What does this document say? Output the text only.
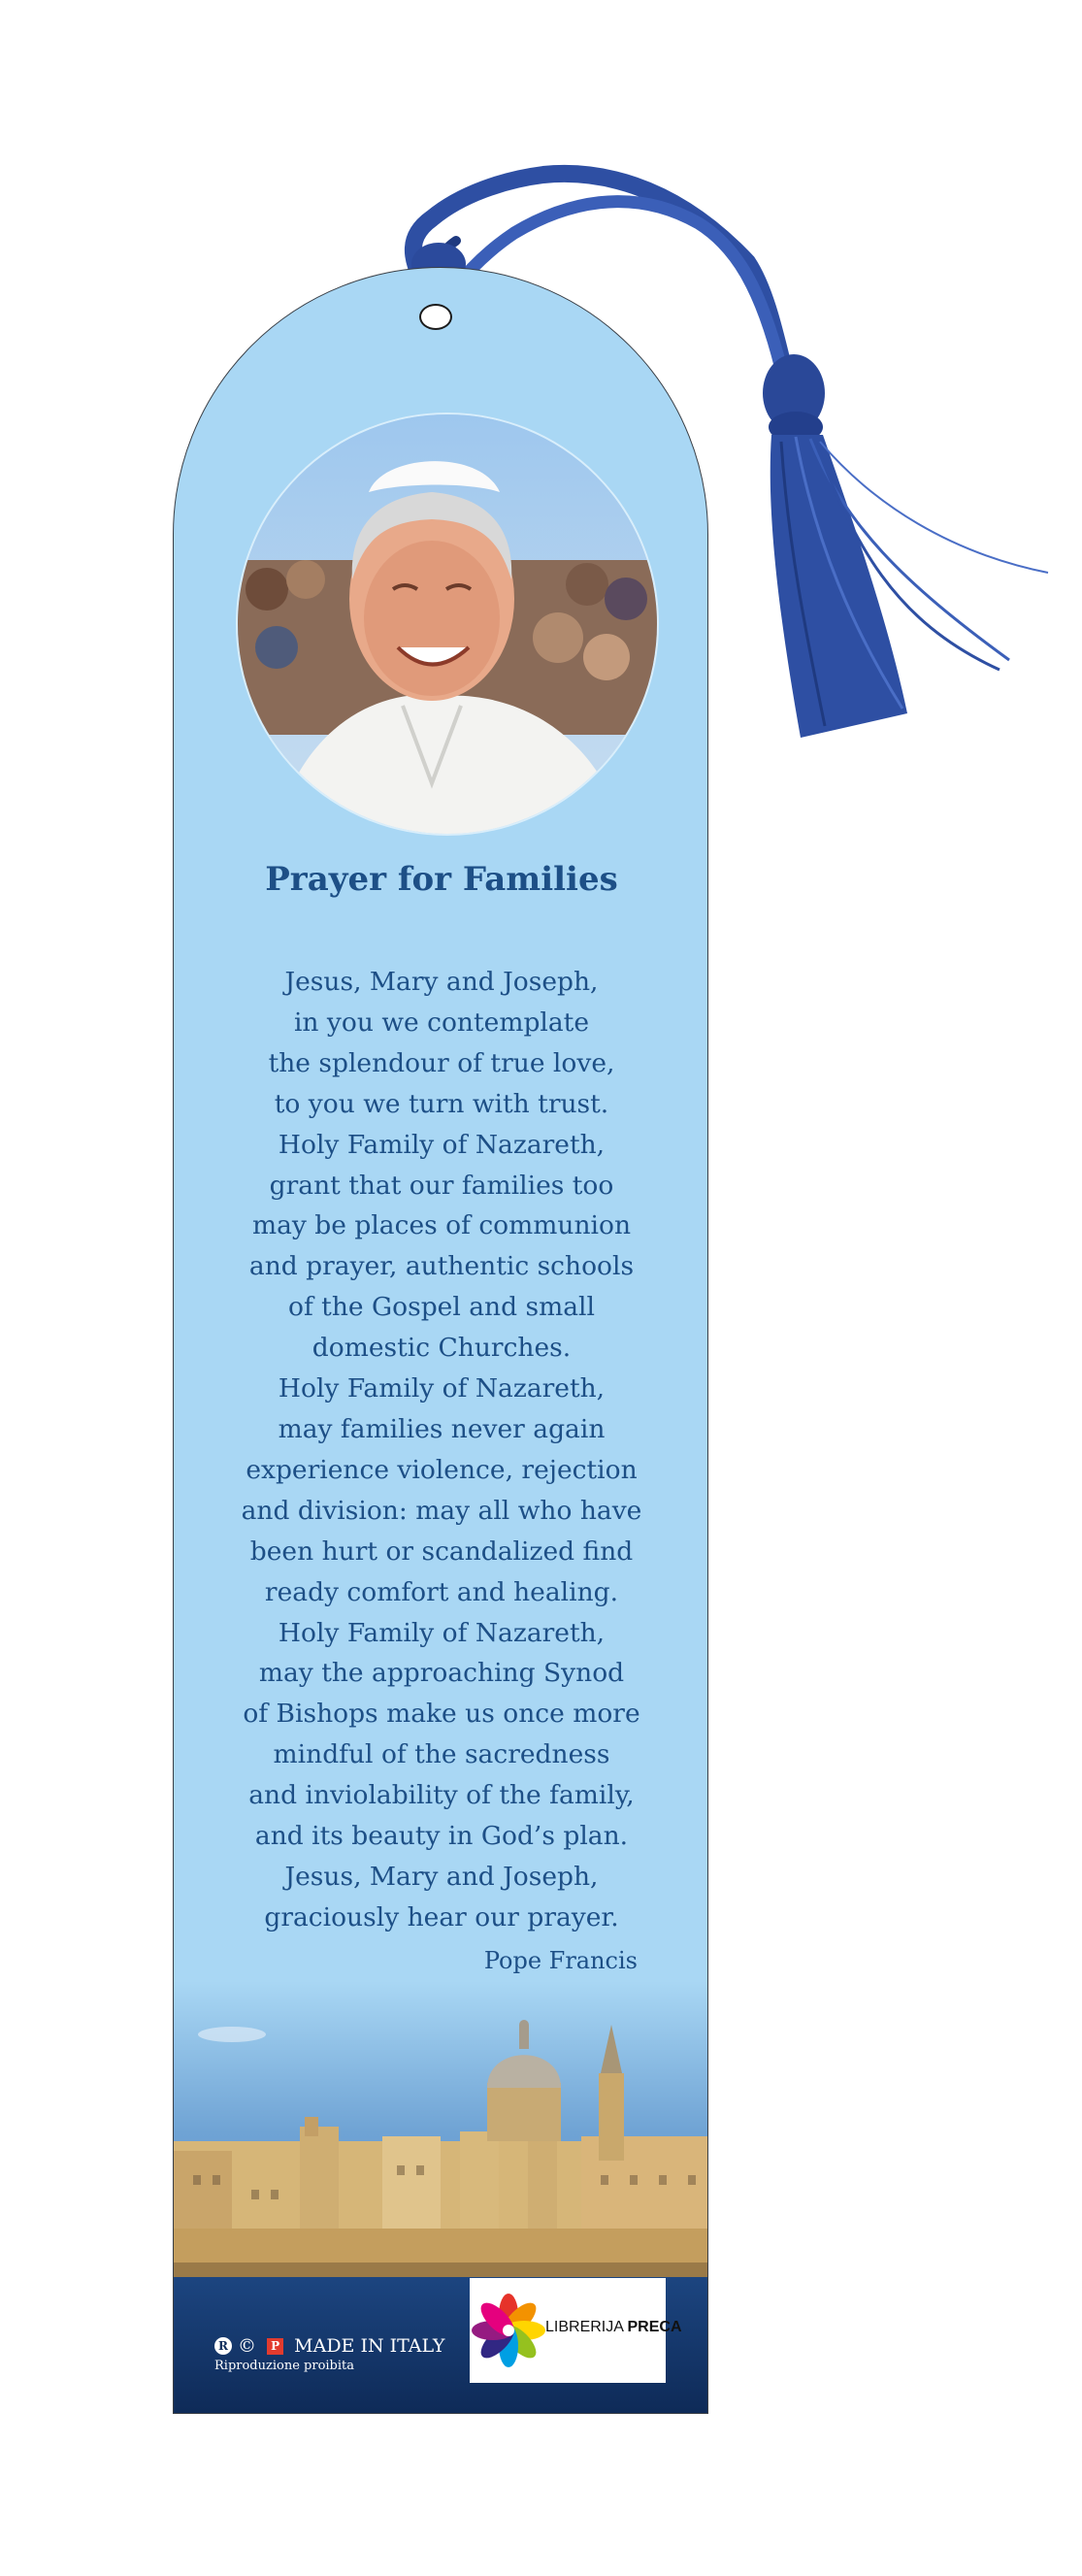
Prayer for Families
Jesus, Mary and Joseph,
in you we contemplate
the splendour of true love,
to you we turn with trust.
Holy Family of Nazareth,
grant that our families too
may be places of communion
and prayer, authentic schools
of the Gospel and small
domestic Churches.
Holy Family of Nazareth,
may families never again
experience violence, rejection
and division: may all who have
been hurt or scandalized find
ready comfort and healing.
Holy Family of Nazareth,
may the approaching Synod
of Bishops make us once more
mindful of the sacredness
and inviolability of the family,
and its beauty in God’s plan.
Jesus, Mary and Joseph,
graciously hear our prayer.
Pope Francis
R © P MADE IN ITALY
Riproduzione proibita
LIBRERIJA PRECA
